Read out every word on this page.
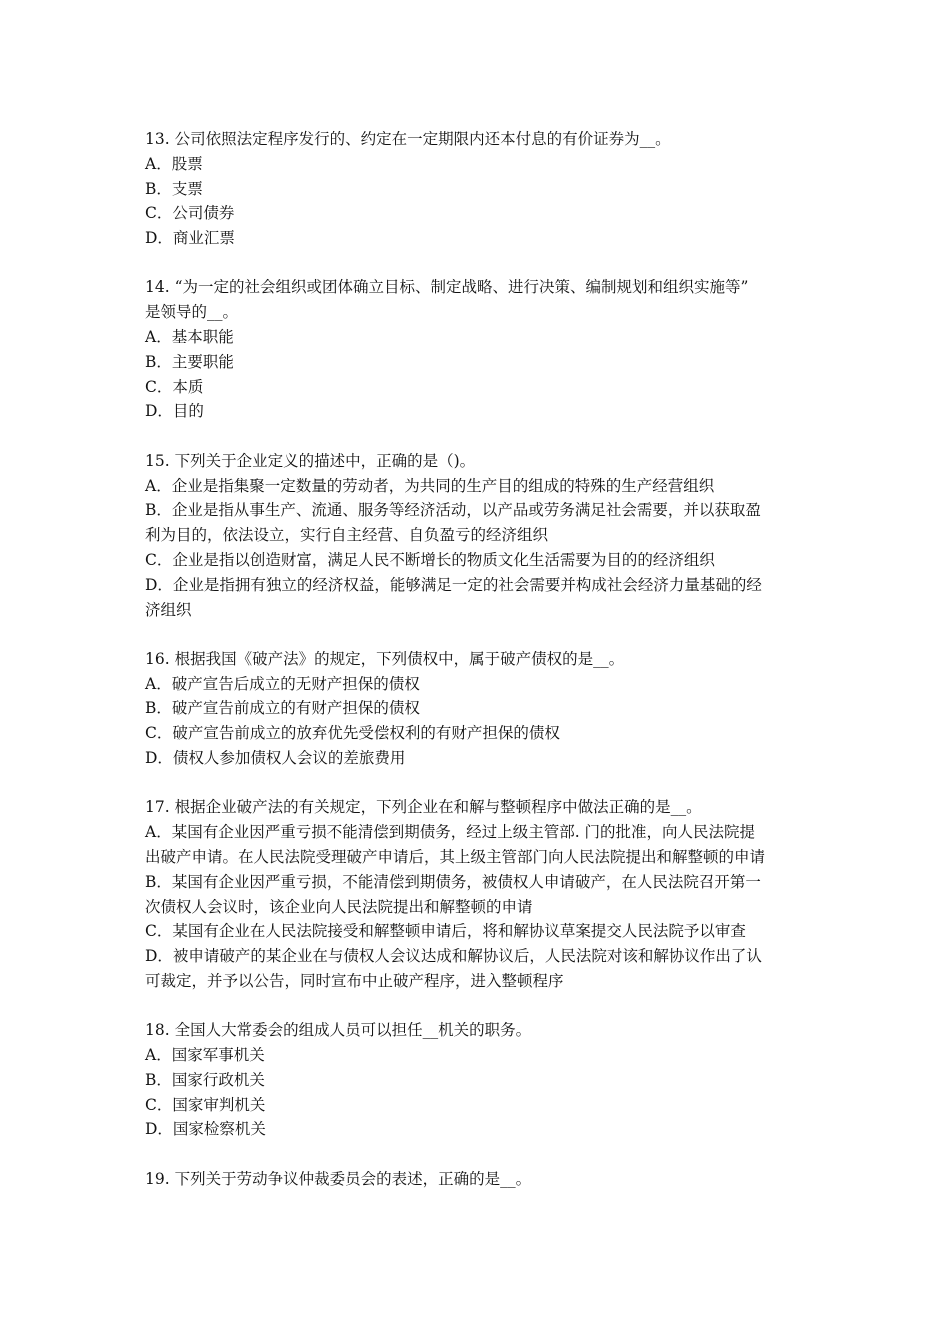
13. 公司依照法定程序发行的、约定在一定期限内还本付息的有价证券为__。
A．股票
B．支票
C．公司债券
D．商业汇票
14. “为一定的社会组织或团体确立目标、制定战略、进行决策、编制规划和组织实施等”
是领导的__。
A．基本职能
B．主要职能
C．本质
D．目的
15. 下列关于企业定义的描述中，正确的是（)。
A．企业是指集聚一定数量的劳动者，为共同的生产目的组成的特殊的生产经营组织
B．企业是指从事生产、流通、服务等经济活动，以产品或劳务满足社会需要，并以获取盈
利为目的，依法设立，实行自主经营、自负盈亏的经济组织
C．企业是指以创造财富，满足人民不断增长的物质文化生活需要为目的的经济组织
D．企业是指拥有独立的经济权益，能够满足一定的社会需要并构成社会经济力量基础的经
济组织
16. 根据我国《破产法》的规定，下列债权中，属于破产债权的是__。
A．破产宣告后成立的无财产担保的债权
B．破产宣告前成立的有财产担保的债权
C．破产宣告前成立的放弃优先受偿权利的有财产担保的债权
D．债权人参加债权人会议的差旅费用
17. 根据企业破产法的有关规定，下列企业在和解与整顿程序中做法正确的是__。
A．某国有企业因严重亏损不能清偿到期债务，经过上级主管部. 门的批准，向人民法院提
出破产申请。在人民法院受理破产申请后，其上级主管部门向人民法院提出和解整顿的申请
B．某国有企业因严重亏损，不能清偿到期债务，被债权人申请破产，在人民法院召开第一
次债权人会议时，该企业向人民法院提出和解整顿的申请
C．某国有企业在人民法院接受和解整顿申请后，将和解协议草案提交人民法院予以审查
D．被申请破产的某企业在与债权人会议达成和解协议后，人民法院对该和解协议作出了认
可裁定，并予以公告，同时宣布中止破产程序，进入整顿程序
18. 全国人大常委会的组成人员可以担任__机关的职务。
A．国家军事机关
B．国家行政机关
C．国家审判机关
D．国家检察机关
19. 下列关于劳动争议仲裁委员会的表述，正确的是__。
